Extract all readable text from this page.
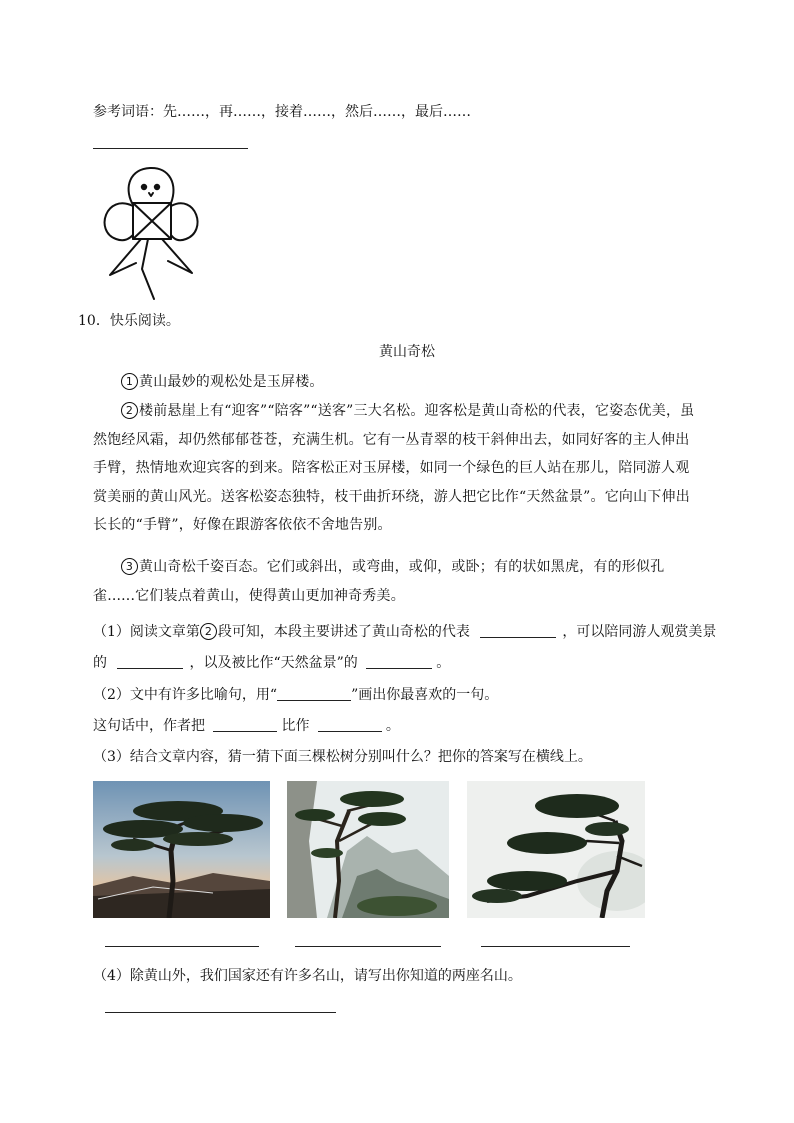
参考词语：先……，再……，接着……，然后……，最后……
10．快乐阅读。
黄山奇松
1 黄山最妙的观松处是玉屏楼。
2 楼前悬崖上有“迎客”“陪客”“送客”三大名松。迎客松是黄山奇松的代表，它姿态优美，虽然饱经风霜，却仍然郁郁苍苍，充满生机。它有一丛青翠的枝干斜伸出去，如同好客的主人伸出手臂，热情地欢迎宾客的到来。陪客松正对玉屏楼，如同一个绿色的巨人站在那儿，陪同游人观赏美丽的黄山风光。送客松姿态独特，枝干曲折环绕，游人把它比作“天然盆景”。它向山下伸出长长的“手臂”，好像在跟游客依依不舍地告别。
3 黄山奇松千姿百态。它们或斜出，或弯曲，或仰，或卧；有的状如黑虎，有的形似孔雀......它们装点着黄山，使得黄山更加神奇秀美。
（1）阅读文章第 2 段可知，本段主要讲述了黄山奇松的代表	，可以陪同游人观赏美景
的	，以及被比作“天然盆景”的	。
（2）文中有许多比喻句，用“	”画出你最喜欢的一句。
这句话中，作者把	比作	。
（3）结合文章内容，猜一猜下面三棵松树分别叫什么？把你的答案写在横线上。
（4）除黄山外，我们国家还有许多名山，请写出你知道的两座名山。
